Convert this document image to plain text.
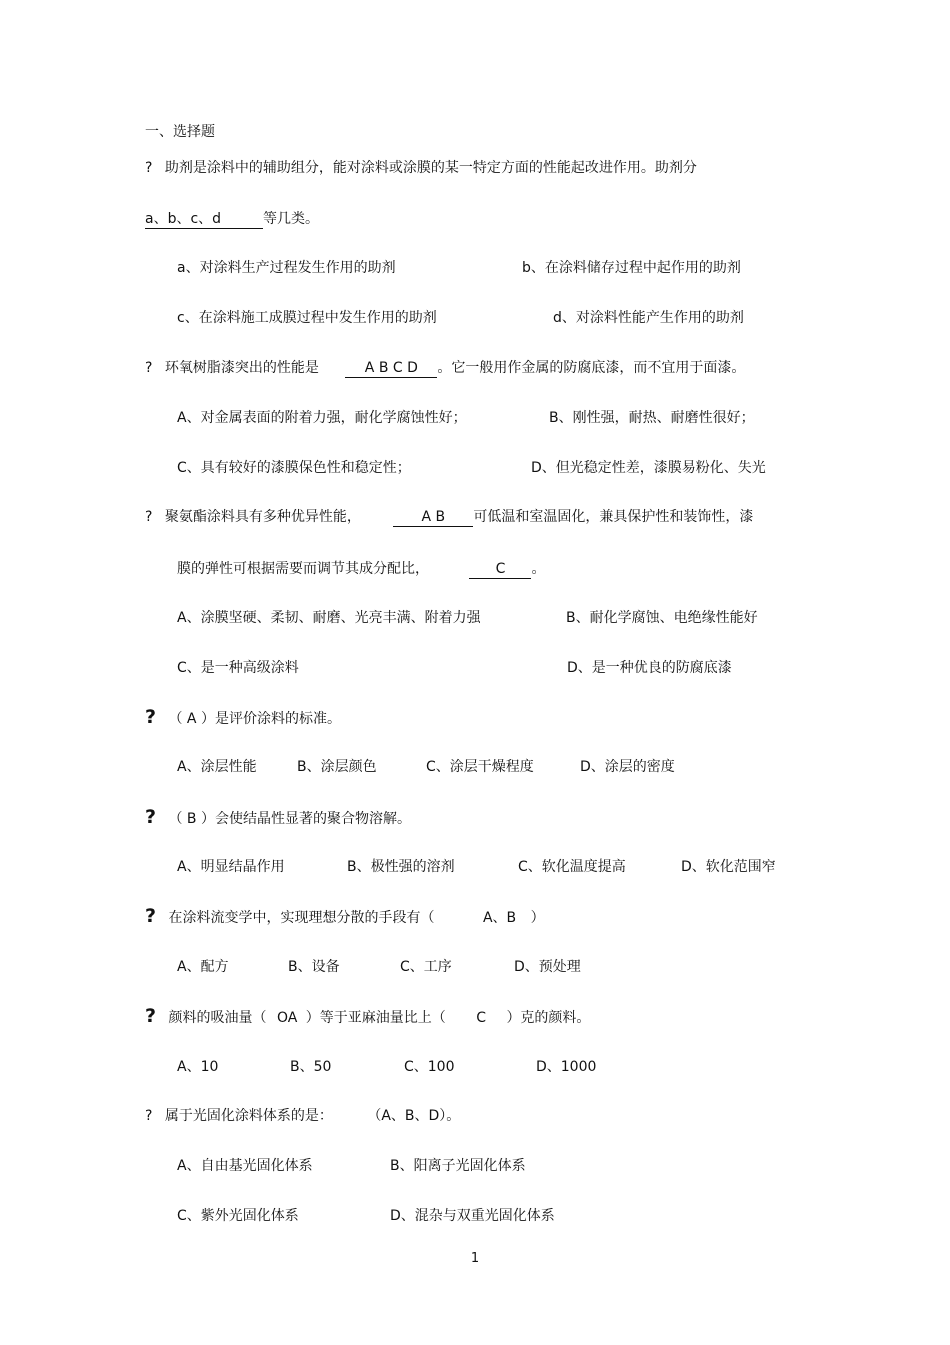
一、选择题
? 助剂是涂料中的辅助组分，能对涂料或涂膜的某一特定方面的性能起改进作用。助剂分
a、b、c、d	等几类。
a、对涂料生产过程发生作用的助剂	b、在涂料储存过程中起作用的助剂
c、在涂料施工成膜过程中发生作用的助剂	d、对涂料性能产生作用的助剂
? 环氧树脂漆突出的性能是	A B C D 。它一般用作金属的防腐底漆，而不宜用于面漆。
A、对金属表面的附着力强，耐化学腐蚀性好；	B、刚性强，耐热、耐磨性很好；
C、具有较好的漆膜保色性和稳定性；	D、但光稳定性差，漆膜易粉化、失光
? 聚氨酯涂料具有多种优异性能，	A B 可低温和室温固化，兼具保护性和装饰性，漆
膜的弹性可根据需要而调节其成分配比，	C 。
A、涂膜坚硬、柔韧、耐磨、光亮丰满、附着力强	B、耐化学腐蚀、电绝缘性能好
C、是一种高级涂料	D、是一种优良的防腐底漆
? （ A ）是评价涂料的标准。
A、涂层性能	B、涂层颜色	C、涂层干燥程度	D、涂层的密度
? （ B ）会使结晶性显著的聚合物溶解。
A、明显结晶作用	B、极性强的溶剂	C、软化温度提高	D、软化范围窄
? 在涂料流变学中，实现理想分散的手段有（	A、B ）
A、配方	B、设备	C、工序	D、预处理
? 颜料的吸油量（ OA ）等于亚麻油量比上（ C ）克的颜料。
A、10	B、50	C、100	D、1000
? 属于光固化涂料体系的是： （A、B、D）。
A、自由基光固化体系	B、阳离子光固化体系
C、紫外光固化体系	D、混杂与双重光固化体系
1
